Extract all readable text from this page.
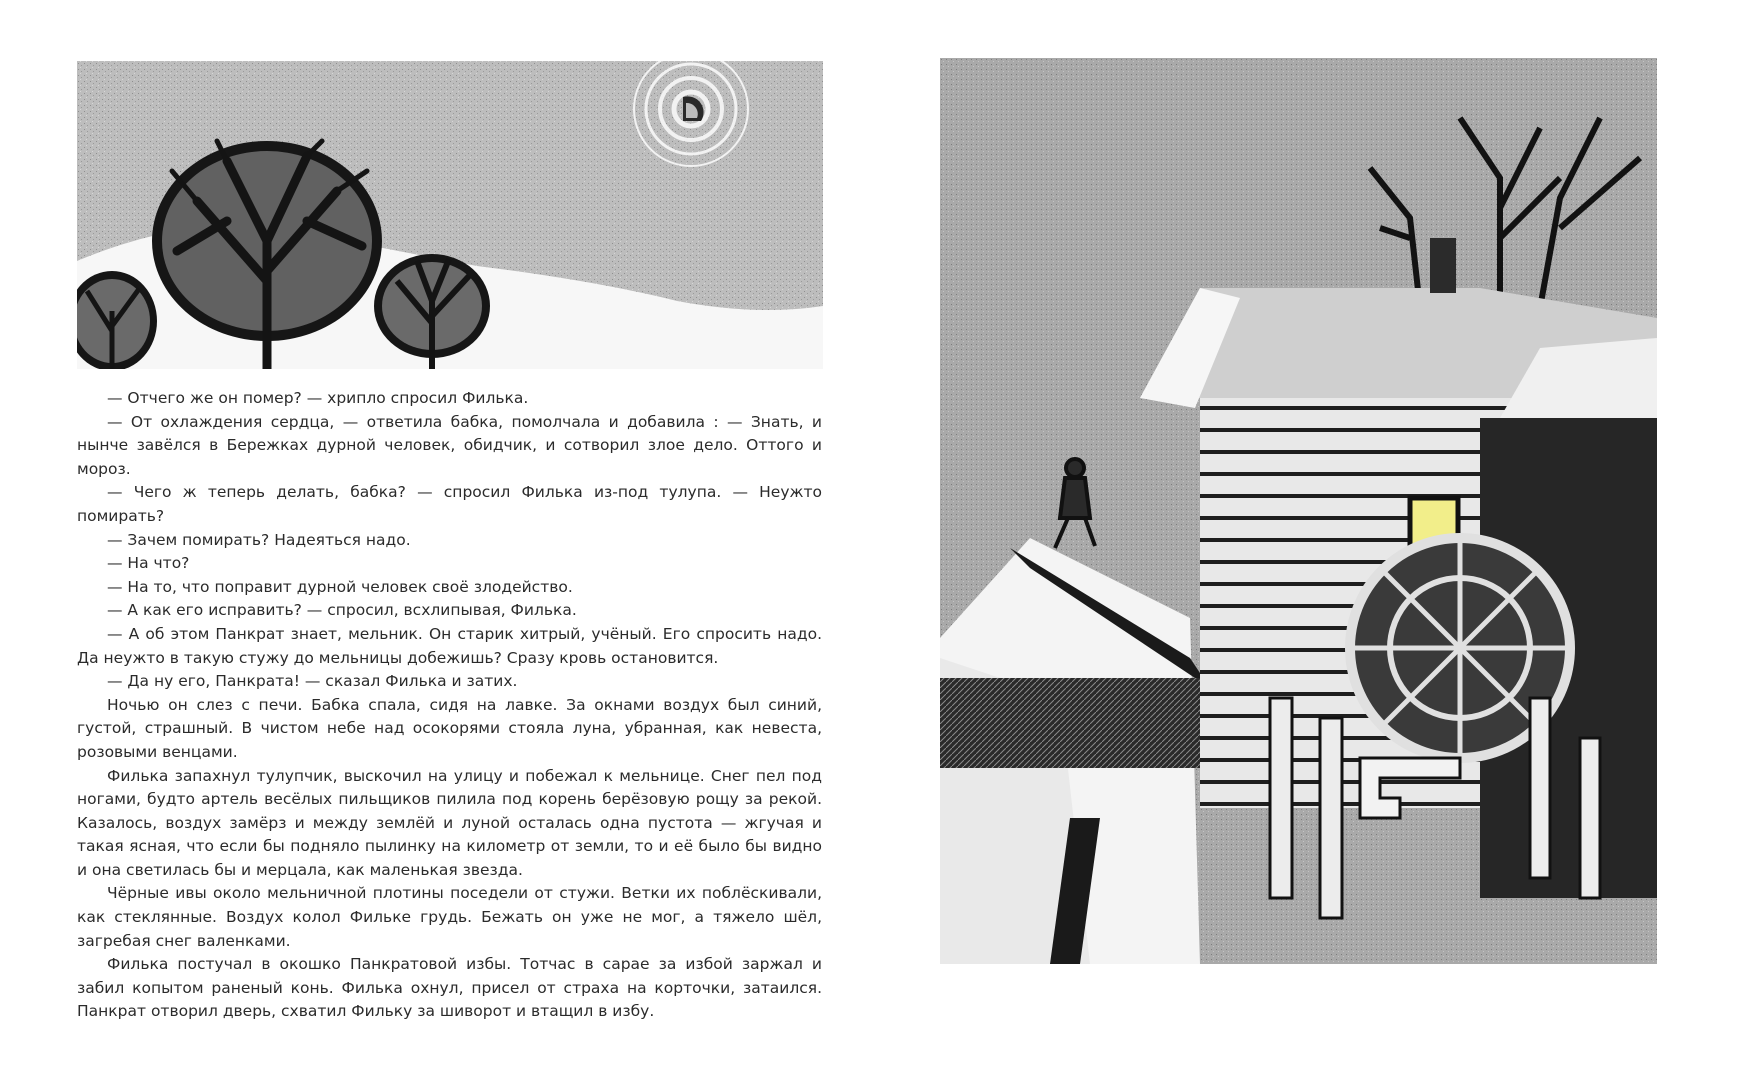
— Отчего же он помер? — хрипло спросил Филька.

— От охлаждения сердца, — ответила бабка, помолчала и добавила : — Знать, и нынче завёлся в Бережках дурной человек, обидчик, и сотворил злое дело. Оттого и мороз.

— Чего ж теперь делать, бабка? — спросил Филька из-под тулупа. — Неужто помирать?

— Зачем помирать? Надеяться надо.

— На что?

— На то, что поправит дурной человек своё злодейство.

— А как его исправить? — спросил, всхлипывая, Филька.

— А об этом Панкрат знает, мельник. Он старик хитрый, учёный. Его спросить надо. Да неужто в такую стужу до мельницы добежишь? Сразу кровь остановится.

— Да ну его, Панкрата! — сказал Филька и затих.

Ночью он слез с печи. Бабка спала, сидя на лавке. За окнами воздух был синий, густой, страшный. В чистом небе над осокорями стояла луна, убранная, как невеста, розовыми венцами.

Филька запахнул тулупчик, выскочил на улицу и побежал к мельнице. Снег пел под ногами, будто артель весёлых пильщиков пилила под корень берёзовую рощу за рекой. Казалось, воздух замёрз и между землёй и луной осталась одна пустота — жгучая и такая ясная, что если бы подняло пылинку на километр от земли, то и её было бы видно и она светилась бы и мерцала, как маленькая звезда.

Чёрные ивы около мельничной плотины поседели от стужи. Ветки их поблёскивали, как стеклянные. Воздух колол Фильке грудь. Бежать он уже не мог, а тяжело шёл, загребая снег валенками.

Филька постучал в окошко Панкратовой избы. Тотчас в сарае за избой заржал и забил копытом раненый конь. Филька охнул, присел от страха на корточки, затаился. Панкрат отворил дверь, схватил Фильку за шиворот и втащил в избу.
